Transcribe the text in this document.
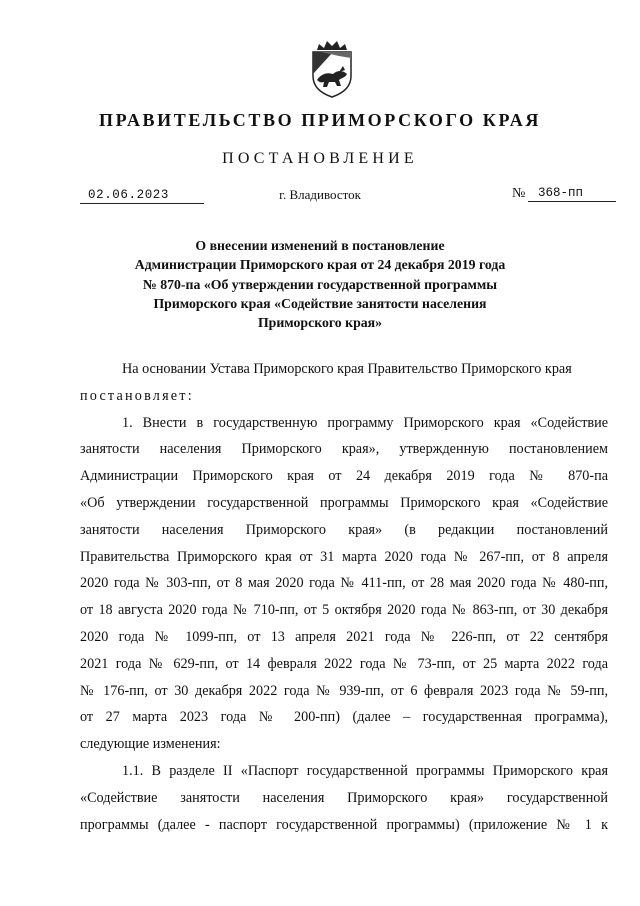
ПРАВИТЕЛЬСТВО ПРИМОРСКОГО КРАЯ
ПОСТАНОВЛЕНИЕ
02.06.2023	г. Владивосток	№	368-пп
О внесении изменений в постановление
Администрации Приморского края от 24 декабря 2019 года
№ 870-па «Об утверждении государственной программы
Приморского края «Содействие занятости населения
Приморского края»
На основании Устава Приморского края Правительство Приморского края
постановляет:
1. Внести в государственную программу Приморского края «Содействие
занятости населения Приморского края», утвержденную постановлением
Администрации Приморского края от 24 декабря 2019 года № 870-па
«Об утверждении государственной программы Приморского края «Содействие
занятости населения Приморского края» (в редакции постановлений
Правительства Приморского края от 31 марта 2020 года № 267-пп, от 8 апреля
2020 года № 303-пп, от 8 мая 2020 года № 411-пп, от 28 мая 2020 года № 480-пп,
от 18 августа 2020 года № 710-пп, от 5 октября 2020 года № 863-пп, от 30 декабря
2020 года № 1099-пп, от 13 апреля 2021 года № 226-пп, от 22 сентября
2021 года № 629-пп, от 14 февраля 2022 года № 73-пп, от 25 марта 2022 года
№ 176-пп, от 30 декабря 2022 года № 939-пп, от 6 февраля 2023 года № 59-пп,
от 27 марта 2023 года № 200-пп) (далее – государственная программа),
следующие изменения:
1.1. В разделе II «Паспорт государственной программы Приморского края
«Содействие занятости населения Приморского края» государственной
программы (далее - паспорт государственной программы) (приложение № 1 к
